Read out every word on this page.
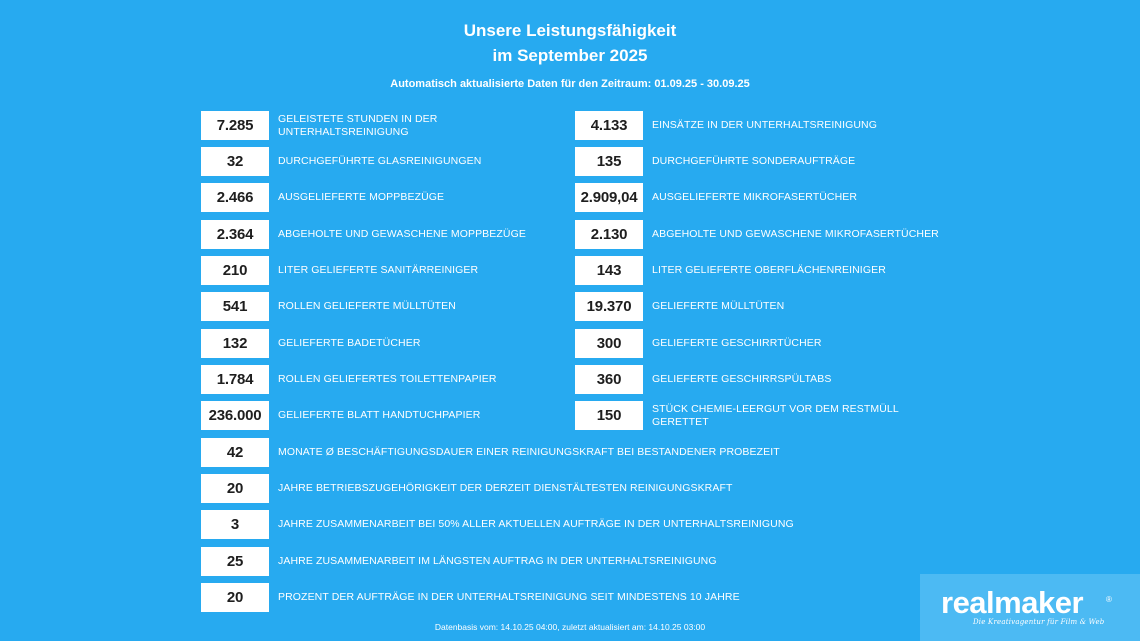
Unsere Leistungsfähigkeit
im September 2025
Automatisch aktualisierte Daten für den Zeitraum: 01.09.25 - 30.09.25
7.285	GELEISTETE STUNDEN IN DER UNTERHALTSREINIGUNG
32	DURCHGEFÜHRTE GLASREINIGUNGEN
2.466	AUSGELIEFERTE MOPPBEZÜGE
2.364	ABGEHOLTE UND GEWASCHENE MOPPBEZÜGE
210	LITER GELIEFERTE SANITÄRREINIGER
541	ROLLEN GELIEFERTE MÜLLTÜTEN
132	GELIEFERTE BADETÜCHER
1.784	ROLLEN GELIEFERTES TOILETTENPAPIER
236.000	GELIEFERTE BLATT HANDTUCHPAPIER
4.133	EINSÄTZE IN DER UNTERHALTSREINIGUNG
135	DURCHGEFÜHRTE SONDERAUFTRÄGE
2.909,04	AUSGELIEFERTE MIKROFASERTÜCHER
2.130	ABGEHOLTE UND GEWASCHENE MIKROFASERTÜCHER
143	LITER GELIEFERTE OBERFLÄCHENREINIGER
19.370	GELIEFERTE MÜLLTÜTEN
300	GELIEFERTE GESCHIRRTÜCHER
360	GELIEFERTE GESCHIRRSPÜLTABS
150	STÜCK CHEMIE-LEERGUT VOR DEM RESTMÜLL GERETTET
42	MONATE Ø BESCHÄFTIGUNGSDAUER EINER REINIGUNGSKRAFT BEI BESTANDENER PROBEZEIT
20	JAHRE BETRIEBSZUGEHÖRIGKEIT DER DERZEIT DIENSTÄLTESTEN REINIGUNGSKRAFT
3	JAHRE ZUSAMMENARBEIT BEI 50% ALLER AKTUELLEN AUFTRÄGE IN DER UNTERHALTSREINIGUNG
25	JAHRE ZUSAMMENARBEIT IM LÄNGSTEN AUFTRAG IN DER UNTERHALTSREINIGUNG
20	PROZENT DER AUFTRÄGE IN DER UNTERHALTSREINIGUNG SEIT MINDESTENS 10 JAHRE
Datenbasis vom: 14.10.25 04:00, zuletzt aktualisiert am: 14.10.25 03:00
realmaker	®
Die Kreativagentur für Film & Web
